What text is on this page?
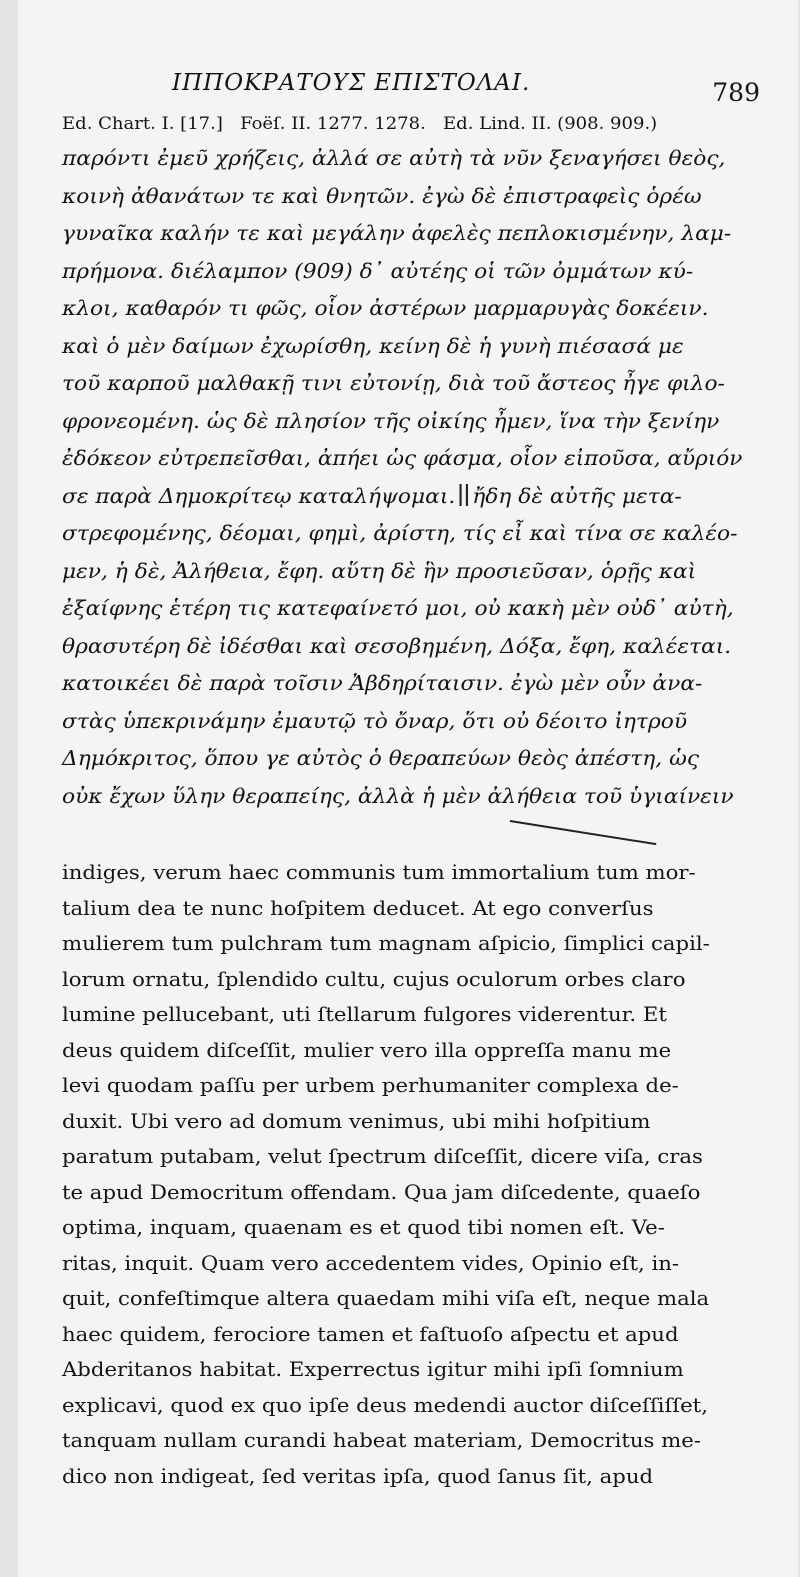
ΙΠΠΟΚΡΑΤΟΥΣ ΕΠΙΣΤΟΛΑΙ.	789
Ed. Chart. I. [17.]   Foëſ. II. 1277. 1278.   Ed. Lind. II. (908. 909.)
παρόντι ἐμεῦ χρήζεις, ἀλλά σε αὐτὴ τὰ νῦν ξεναγήσει θεὸς,
κοινὴ ἀθανάτων τε καὶ θνητῶν. ἐγὼ δὲ ἐπιστραφεὶς ὁρέω
γυναῖκα καλήν τε καὶ μεγάλην ἀφελὲς πεπλοκισμένην, λαμ-
πρήμονα. διέλαμπον (909) δ᾽ αὐτέης οἱ τῶν ὀμμάτων κύ-
κλοι, καθαρόν τι φῶς, οἷον ἀστέρων μαρμαρυγὰς δοκέειν.
καὶ ὁ μὲν δαίμων ἐχωρίσθη, κείνη δὲ ἡ γυνὴ πιέσασά με
τοῦ καρποῦ μαλθακῇ τινι εὐτονίῃ, διὰ τοῦ ἄστεος ἦγε φιλο-
φρονεομένη. ὡς δὲ πλησίον τῆς οἰκίης ἦμεν, ἵνα τὴν ξενίην
ἐδόκεον εὐτρεπεῖσθαι, ἀπήει ὡς φάσμα, οἷον εἰποῦσα, αὔριόν
σε παρὰ Δημοκρίτεῳ καταλήψομαι. ἤδη δὲ αὐτῆς μετα-
στρεφομένης, δέομαι, φημὶ, ἀρίστη, τίς εἶ καὶ τίνα σε καλέο-
μεν, ἡ δὲ, Ἀλήθεια, ἔφη. αὕτη δὲ ἣν προσιεῦσαν, ὁρῇς καὶ
ἐξαίφνης ἑτέρη τις κατεφαίνετό μοι, οὐ κακὴ μὲν οὐδ᾽ αὐτὴ,
θρασυτέρη δὲ ἰδέσθαι καὶ σεσοβημένη, Δόξα, ἔφη, καλέεται.
κατοικέει δὲ παρὰ τοῖσιν Ἀβδηρίταισιν. ἐγὼ μὲν οὖν ἀνα-
στὰς ὑπεκρινάμην ἐμαυτῷ τὸ ὄναρ, ὅτι οὐ δέοιτο ἰητροῦ
Δημόκριτος, ὅπου γε αὐτὸς ὁ θεραπεύων θεὸς ἀπέστη, ὡς
οὐκ ἔχων ὕλην θεραπείης, ἀλλὰ ἡ μὲν ἀλήθεια τοῦ ὑγιαίνειν
indiges, verum haec communis tum immortalium tum mor-
talium dea te nunc hoſpitem deducet. At ego converſus
mulierem tum pulchram tum magnam aſpicio, ſimplici capil-
lorum ornatu, ſplendido cultu, cujus oculorum orbes claro
lumine pellucebant, uti ſtellarum fulgores viderentur. Et
deus quidem diſceſſit, mulier vero illa oppreſſa manu me
levi quodam paſſu per urbem perhumaniter complexa de-
duxit. Ubi vero ad domum venimus, ubi mihi hoſpitium
paratum putabam, velut ſpectrum diſceſſit, dicere viſa, cras
te apud Democritum offendam. Qua jam diſcedente, quaeſo
optima, inquam, quaenam es et quod tibi nomen eſt. Ve-
ritas, inquit. Quam vero accedentem vides, Opinio eſt, in-
quit, confeſtimque altera quaedam mihi viſa eſt, neque mala
haec quidem, ferociore tamen et faſtuoſo aſpectu et apud
Abderitanos habitat. Experrectus igitur mihi ipſi ſomnium
explicavi, quod ex quo ipſe deus medendi auctor diſceſſiſſet,
tanquam nullam curandi habeat materiam, Democritus me-
dico non indigeat, ſed veritas ipſa, quod ſanus ſit, apud
